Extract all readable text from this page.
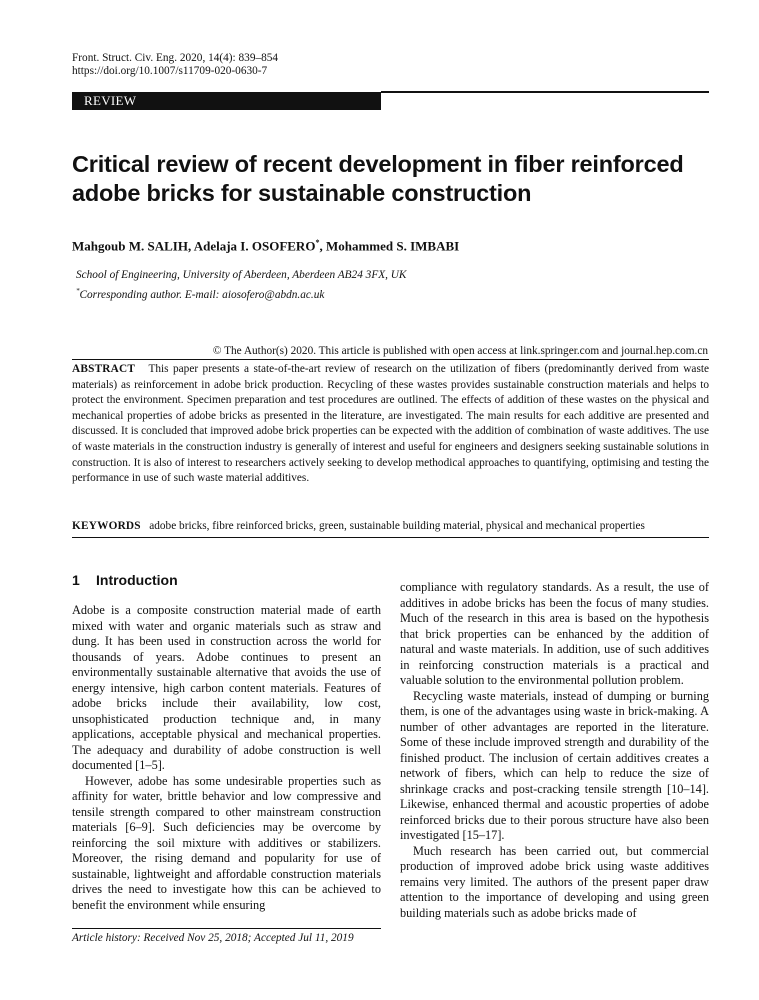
Front. Struct. Civ. Eng. 2020, 14(4): 839–854
https://doi.org/10.1007/s11709-020-0630-7
REVIEW
Critical review of recent development in fiber reinforced adobe bricks for sustainable construction
Mahgoub M. SALIH, Adelaja I. OSOFERO*, Mohammed S. IMBABI
School of Engineering, University of Aberdeen, Aberdeen AB24 3FX, UK
*Corresponding author. E-mail: aiosofero@abdn.ac.uk
© The Author(s) 2020. This article is published with open access at link.springer.com and journal.hep.com.cn
ABSTRACT This paper presents a state-of-the-art review of research on the utilization of fibers (predominantly derived from waste materials) as reinforcement in adobe brick production. Recycling of these wastes provides sustainable construction materials and helps to protect the environment. Specimen preparation and test procedures are outlined. The effects of addition of these wastes on the physical and mechanical properties of adobe bricks as presented in the literature, are investigated. The main results for each additive are presented and discussed. It is concluded that improved adobe brick properties can be expected with the addition of combination of waste additives. The use of waste materials in the construction industry is generally of interest and useful for engineers and designers seeking sustainable solutions in construction. It is also of interest to researchers actively seeking to develop methodical approaches to quantifying, optimising and testing the performance in use of such waste material additives.
KEYWORDS adobe bricks, fibre reinforced bricks, green, sustainable building material, physical and mechanical properties
1 Introduction

Adobe is a composite construction material made of earth mixed with water and organic materials such as straw and dung. It has been used in construction across the world for thousands of years. Adobe continues to present an environmentally sustainable alternative that avoids the use of energy intensive, high carbon content materials. Features of adobe bricks include their availability, low cost, unsophisticated production technique and, in many applications, acceptable physical and mechanical properties. The adequacy and durability of adobe construction is well documented [1–5].

However, adobe has some undesirable properties such as affinity for water, brittle behavior and low compressive and tensile strength compared to other mainstream construction materials [6–9]. Such deficiencies may be overcome by reinforcing the soil mixture with additives or stabilizers. Moreover, the rising demand and popularity for use of sustainable, lightweight and affordable construction materials drives the need to investigate how this can be achieved to benefit the environment while ensuring

compliance with regulatory standards. As a result, the use of additives in adobe bricks has been the focus of many studies. Much of the research in this area is based on the hypothesis that brick properties can be enhanced by the addition of natural and waste materials. In addition, use of such additives in reinforcing construction materials is a practical and valuable solution to the environmental pollution problem.

Recycling waste materials, instead of dumping or burning them, is one of the advantages using waste in brick-making. A number of other advantages are reported in the literature. Some of these include improved strength and durability of the finished product. The inclusion of certain additives creates a network of fibers, which can help to reduce the size of shrinkage cracks and post-cracking tensile strength [10–14]. Likewise, enhanced thermal and acoustic properties of adobe reinforced bricks due to their porous structure have also been investigated [15–17].

Much research has been carried out, but commercial production of improved adobe brick using waste additives remains very limited. The authors of the present paper draw attention to the importance of developing and using green building materials such as adobe bricks made of

Article history: Received Nov 25, 2018; Accepted Jul 11, 2019
